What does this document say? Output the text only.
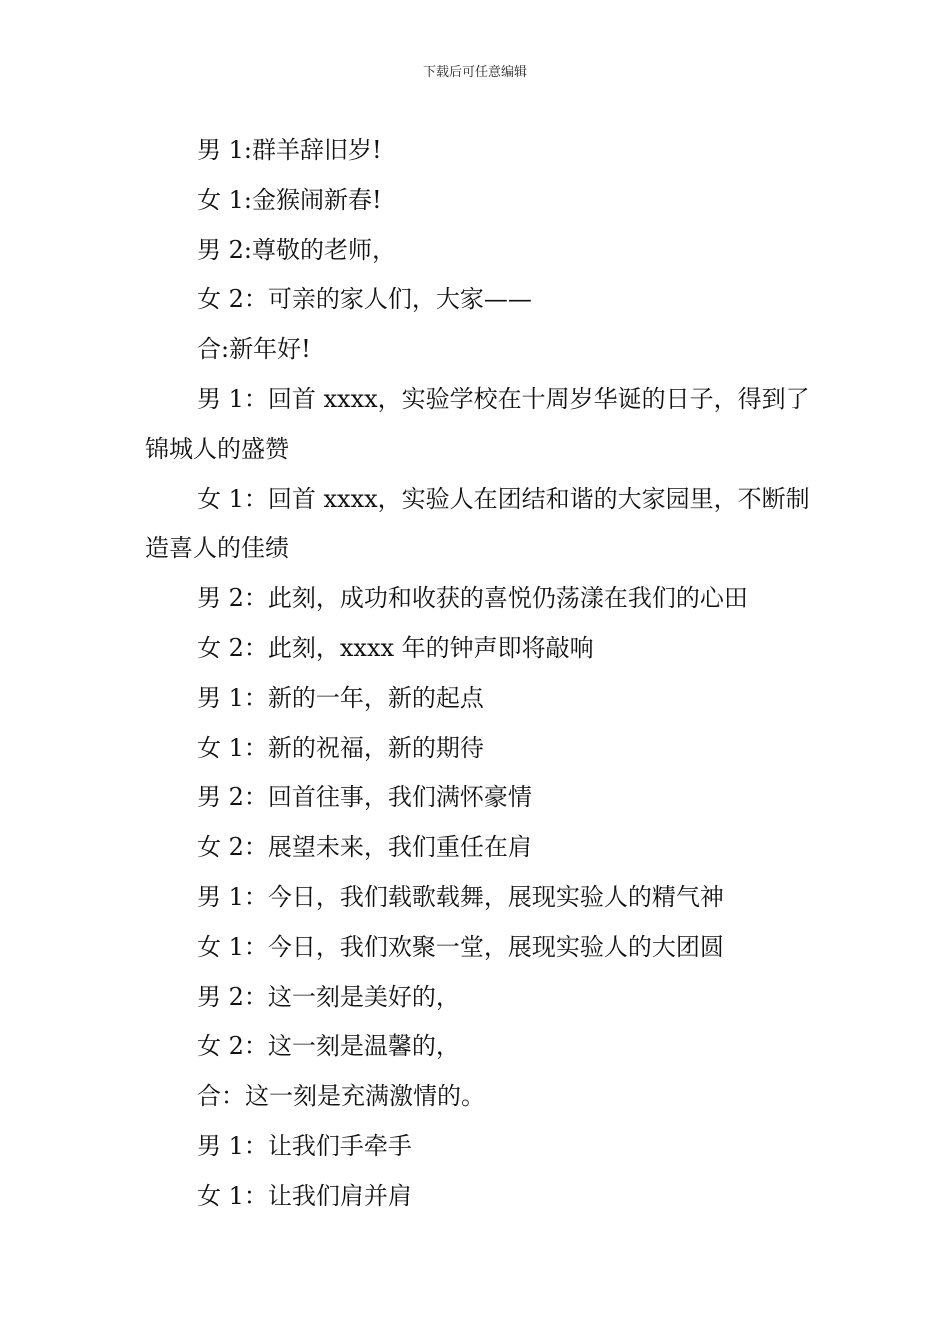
下载后可任意编辑

男 1:群羊辞旧岁!

女 1:金猴闹新春!

男 2:尊敬的老师，

女 2：可亲的家人们，大家——

合:新年好!

男 1：回首 xxxx，实验学校在十周岁华诞的日子，得到了锦城人的盛赞

女 1：回首 xxxx，实验人在团结和谐的大家园里，不断制造喜人的佳绩

男 2：此刻，成功和收获的喜悦仍荡漾在我们的心田

女 2：此刻，xxxx 年的钟声即将敲响

男 1：新的一年，新的起点

女 1：新的祝福，新的期待

男 2：回首往事，我们满怀豪情

女 2：展望未来，我们重任在肩

男 1：今日，我们载歌载舞，展现实验人的精气神

女 1：今日，我们欢聚一堂，展现实验人的大团圆

男 2：这一刻是美好的，

女 2：这一刻是温馨的，

合：这一刻是充满激情的。

男 1：让我们手牵手

女 1：让我们肩并肩
